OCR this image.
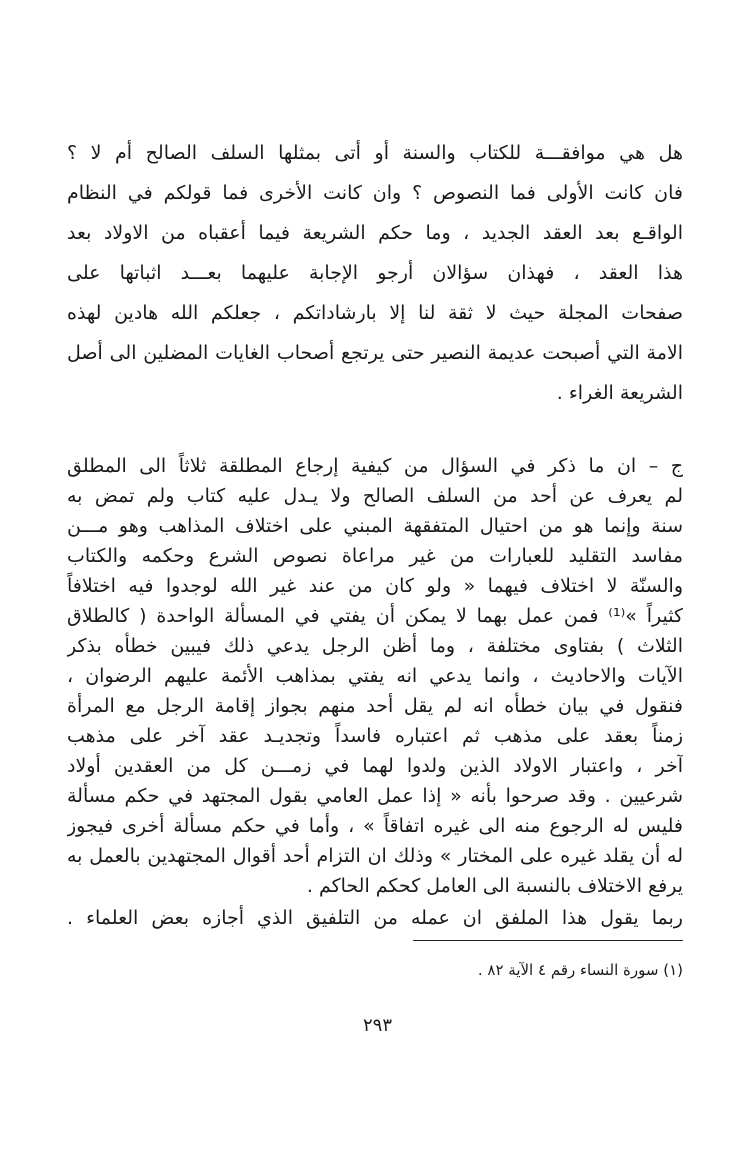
هل هي موافقـــة للكتاب والسنة أو أتى بمثلها السلف الصالح أم لا ؟
فان كانت الأولى فما النصوص ؟ وان كانت الأخرى فما قولكم في النظام
الواقـع بعد العقد الجديد ، وما حكم الشريعة فيما أعقباه من الاولاد بعد
هذا العقد ، فهذان سؤالان أرجو الإجابة عليهما بعـــد اثباتها على
صفحات المجلة حيث لا ثقة لنا إلا بارشاداتكم ، جعلكم الله هادين لهذه
الامة التي أصبحت عديمة النصير حتى يرتجع أصحاب الغايات المضلين الى أصل
الشريعة الغراء .
ج – ان ما ذكر في السؤال من كيفية إرجاع المطلقة ثلاثاً الى المطلق
لم يعرف عن أحد من السلف الصالح ولا يـدل عليه كتاب ولم تمض به
سنة وإنما هو من احتيال المتفقهة المبني على اختلاف المذاهب وهو مـــن
مفاسد التقليد للعبارات من غير مراعاة نصوص الشرع وحكمه والكتاب
والسنّة لا اختلاف فيهما « ولو كان من عند غير الله لوجدوا فيه اختلافاً
كثيراً »⁽¹⁾ فمن عمل بهما لا يمكن أن يفتي في المسألة الواحدة ( كالطلاق
الثلاث ) بفتاوى مختلفة ، وما أظن الرجل يدعي ذلك فيبين خطأه بذكر
الآيات والاحاديث ، وانما يدعي انه يفتي بمذاهب الأئمة عليهم الرضوان ،
فنقول في بيان خطأه انه لم يقل أحد منهم بجواز إقامة الرجل مع المرأة
زمناً بعقد على مذهب ثم اعتباره فاسداً وتجديـد عقد آخر على مذهب
آخر ، واعتبار الاولاد الذين ولدوا لهما في زمـــن كل من العقدين أولاد
شرعيين . وقد صرحوا بأنه « إذا عمل العامي بقول المجتهد في حكم مسألة
فليس له الرجوع منه الى غيره اتفاقاً » ، وأما في حكم مسألة أخرى فيجوز
له أن يقلد غيره على المختار » وذلك ان التزام أحد أقوال المجتهدين بالعمل به
يرفع الاختلاف بالنسبة الى العامل كحكم الحاكم .
ربما يقول هذا الملفق ان عمله من التلفيق الذي أجازه بعض العلماء .
(١) سورة النساء رقم ٤ الآية ٨٢ .
٢٩٣
